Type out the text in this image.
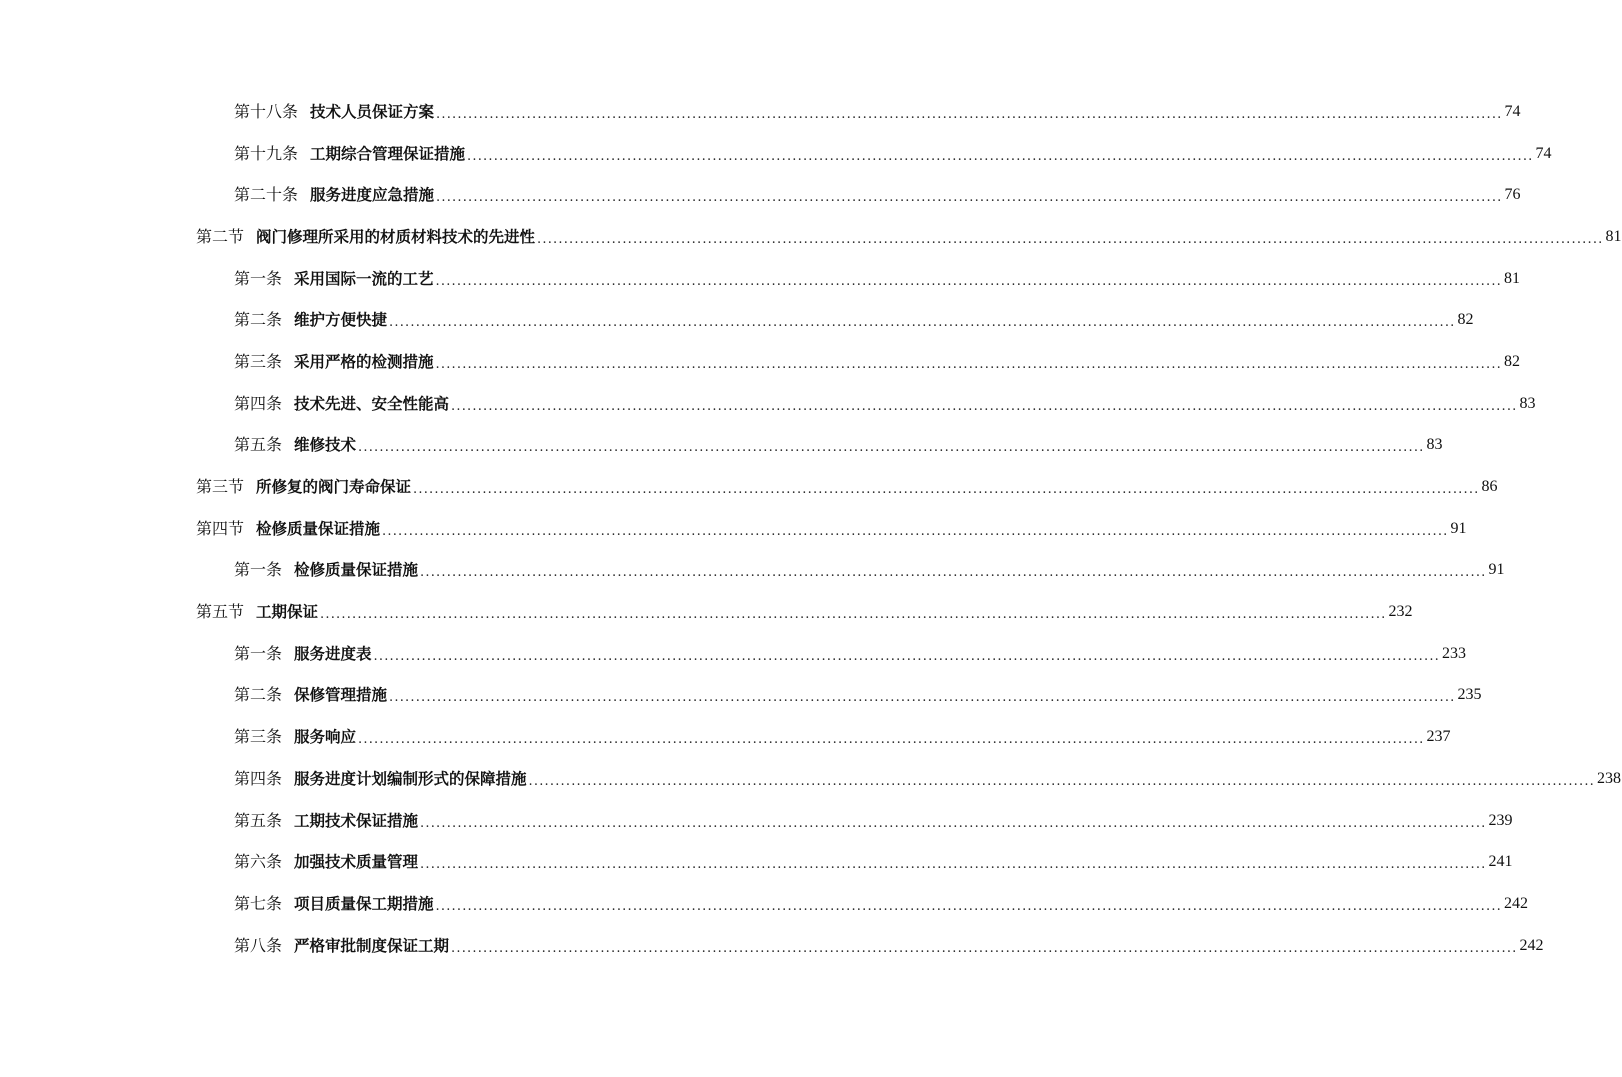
第十八条 技术人员保证方案 ........................................................................................................................................................................................................ 74
第十九条 工期综合管理保证措施 ........................................................................................................................................................................................................ 74
第二十条 服务进度应急措施 ........................................................................................................................................................................................................ 76
第二节 阀门修理所采用的材质材料技术的先进性 ........................................................................................................................................................................................................ 81
第一条 采用国际一流的工艺 ........................................................................................................................................................................................................ 81
第二条 维护方便快捷 ........................................................................................................................................................................................................ 82
第三条 采用严格的检测措施 ........................................................................................................................................................................................................ 82
第四条 技术先进、安全性能高 ........................................................................................................................................................................................................ 83
第五条 维修技术 ........................................................................................................................................................................................................ 83
第三节 所修复的阀门寿命保证 ........................................................................................................................................................................................................ 86
第四节 检修质量保证措施 ........................................................................................................................................................................................................ 91
第一条 检修质量保证措施 ........................................................................................................................................................................................................ 91
第五节 工期保证 ........................................................................................................................................................................................................ 232
第一条 服务进度表 ........................................................................................................................................................................................................ 233
第二条 保修管理措施 ........................................................................................................................................................................................................ 235
第三条 服务响应 ........................................................................................................................................................................................................ 237
第四条 服务进度计划编制形式的保障措施 ........................................................................................................................................................................................................ 238
第五条 工期技术保证措施 ........................................................................................................................................................................................................ 239
第六条 加强技术质量管理 ........................................................................................................................................................................................................ 241
第七条 项目质量保工期措施 ........................................................................................................................................................................................................ 242
第八条 严格审批制度保证工期 ........................................................................................................................................................................................................ 242
